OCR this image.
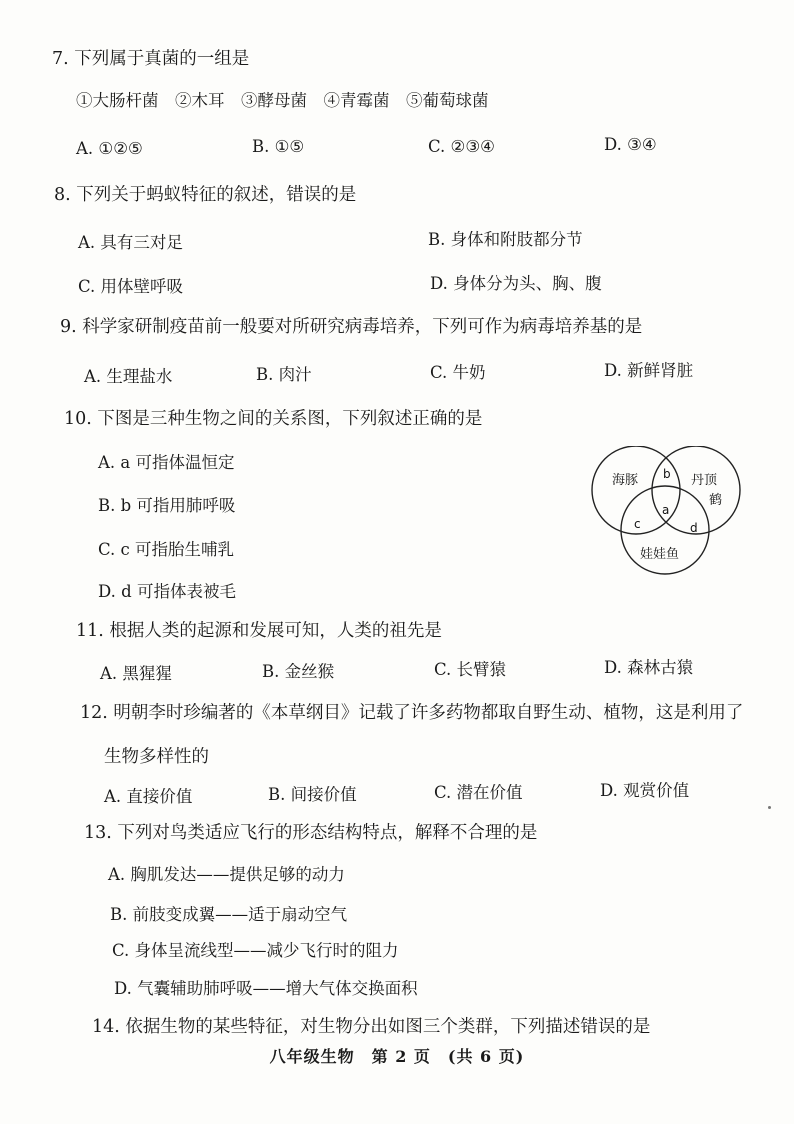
7. 下列属于真菌的一组是
①大肠杆菌　②木耳　③酵母菌　④青霉菌　⑤葡萄球菌
A. ①②⑤	B. ①⑤	C. ②③④	D. ③④
8. 下列关于蚂蚁特征的叙述，错误的是
A. 具有三对足	B. 身体和附肢都分节
C. 用体壁呼吸	D. 身体分为头、胸、腹
9. 科学家研制疫苗前一般要对所研究病毒培养，下列可作为病毒培养基的是
A. 生理盐水	B. 肉汁	C. 牛奶	D. 新鲜肾脏
10. 下图是三种生物之间的关系图，下列叙述正确的是
A. a 可指体温恒定
B. b 可指用肺呼吸
C. c 可指胎生哺乳
D. d 可指体表被毛
海豚	丹顶
鹤
娃娃鱼
b
a
c	d
11. 根据人类的起源和发展可知，人类的祖先是
A. 黑猩猩	B. 金丝猴	C. 长臂猿	D. 森林古猿
12. 明朝李时珍编著的《本草纲目》记载了许多药物都取自野生动、植物，这是利用了
生物多样性的
A. 直接价值	B. 间接价值	C. 潜在价值	D. 观赏价值
13. 下列对鸟类适应飞行的形态结构特点，解释不合理的是
A. 胸肌发达——提供足够的动力
B. 前肢变成翼——适于扇动空气
C. 身体呈流线型——减少飞行时的阻力
D. 气囊辅助肺呼吸——增大气体交换面积
14. 依据生物的某些特征，对生物分出如图三个类群，下列描述错误的是
八年级生物　第 2 页　(共 6 页)
